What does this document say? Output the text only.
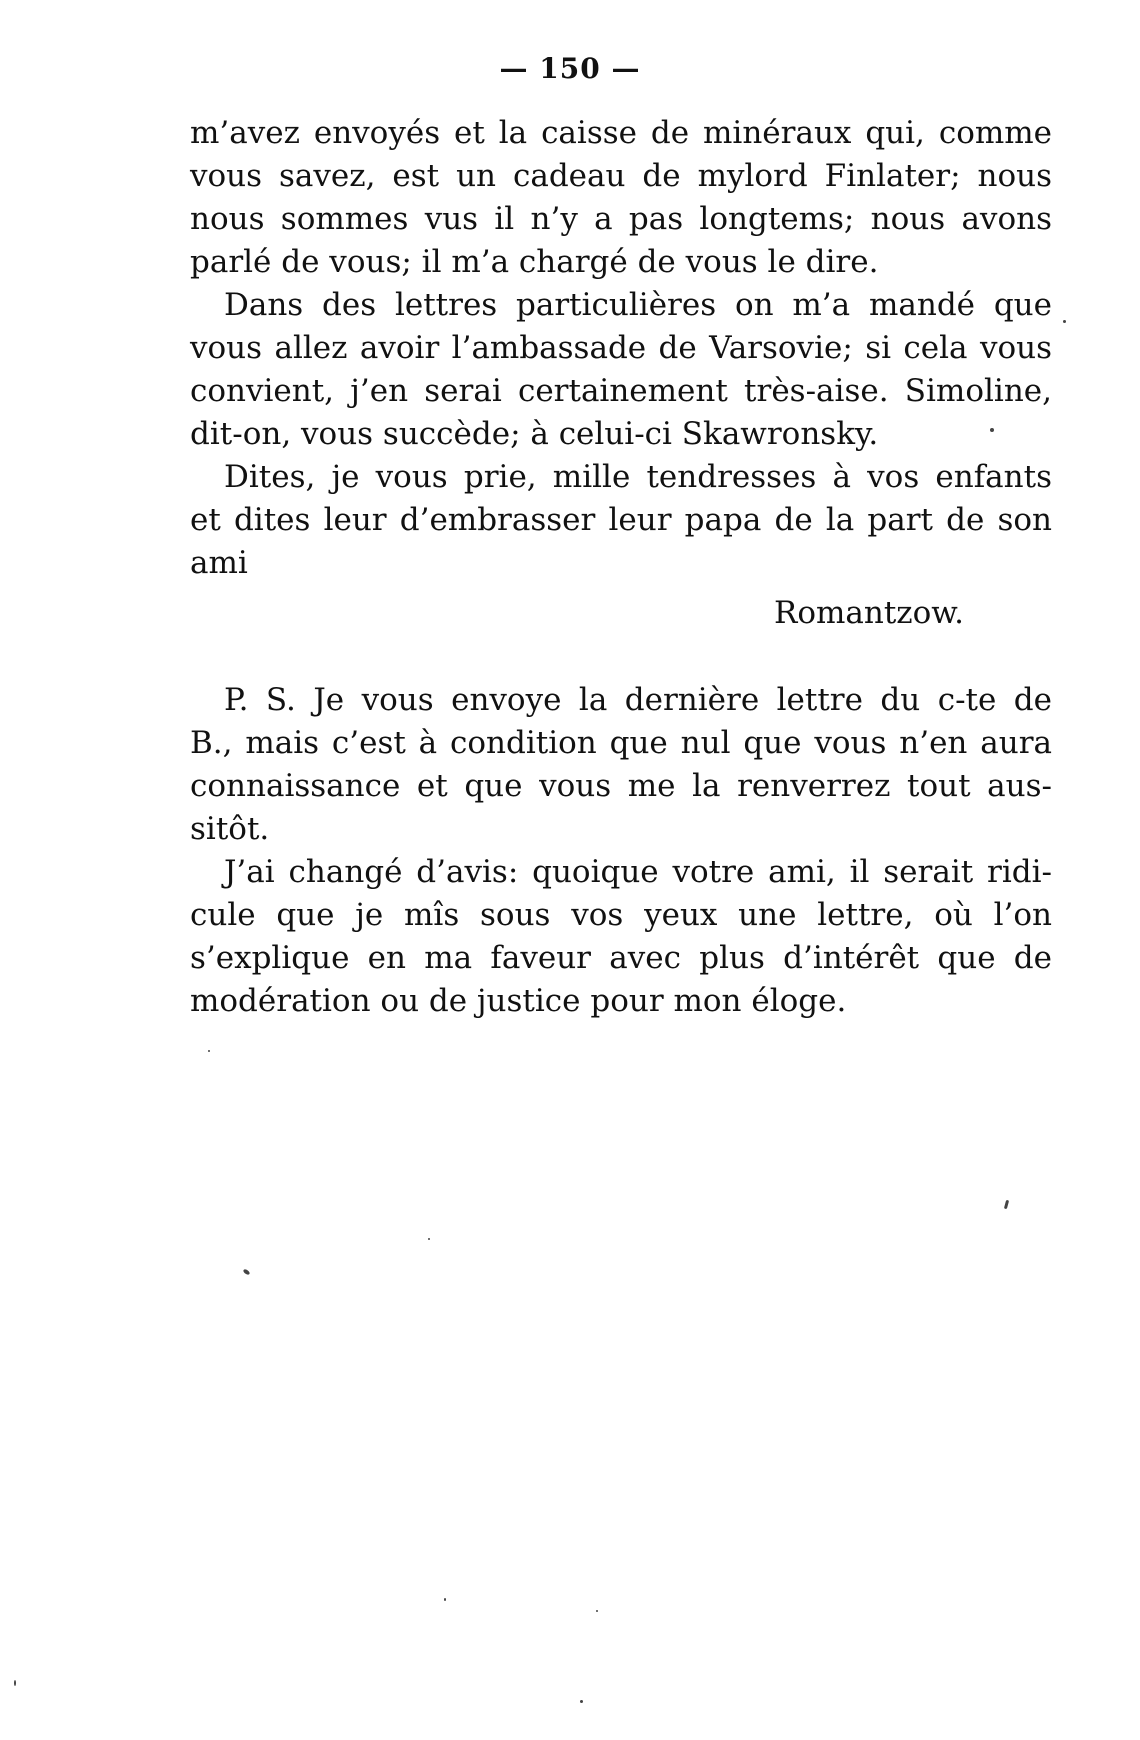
— 150 —
m’avez envoyés et la caisse de minéraux qui, comme
vous savez, est un cadeau de mylord Finlater; nous
nous sommes vus il n’y a pas longtems; nous avons
parlé de vous; il m’a chargé de vous le dire.
Dans des lettres particulières on m’a mandé que
vous allez avoir l’ambassade de Varsovie; si cela vous
convient, j’en serai certainement très-aise. Simoline,
dit-on, vous succède; à celui-ci Skawronsky.
Dites, je vous prie, mille tendresses à vos enfants
et dites leur d’embrasser leur papa de la part de son
ami
Romantzow.
P. S. Je vous envoye la dernière lettre du c-te de
B., mais c’est à condition que nul que vous n’en aura
connaissance et que vous me la renverrez tout aus-
sitôt.
J’ai changé d’avis: quoique votre ami, il serait ridi-
cule que je mîs sous vos yeux une lettre, où l’on
s’explique en ma faveur avec plus d’intérêt que de
modération ou de justice pour mon éloge.
